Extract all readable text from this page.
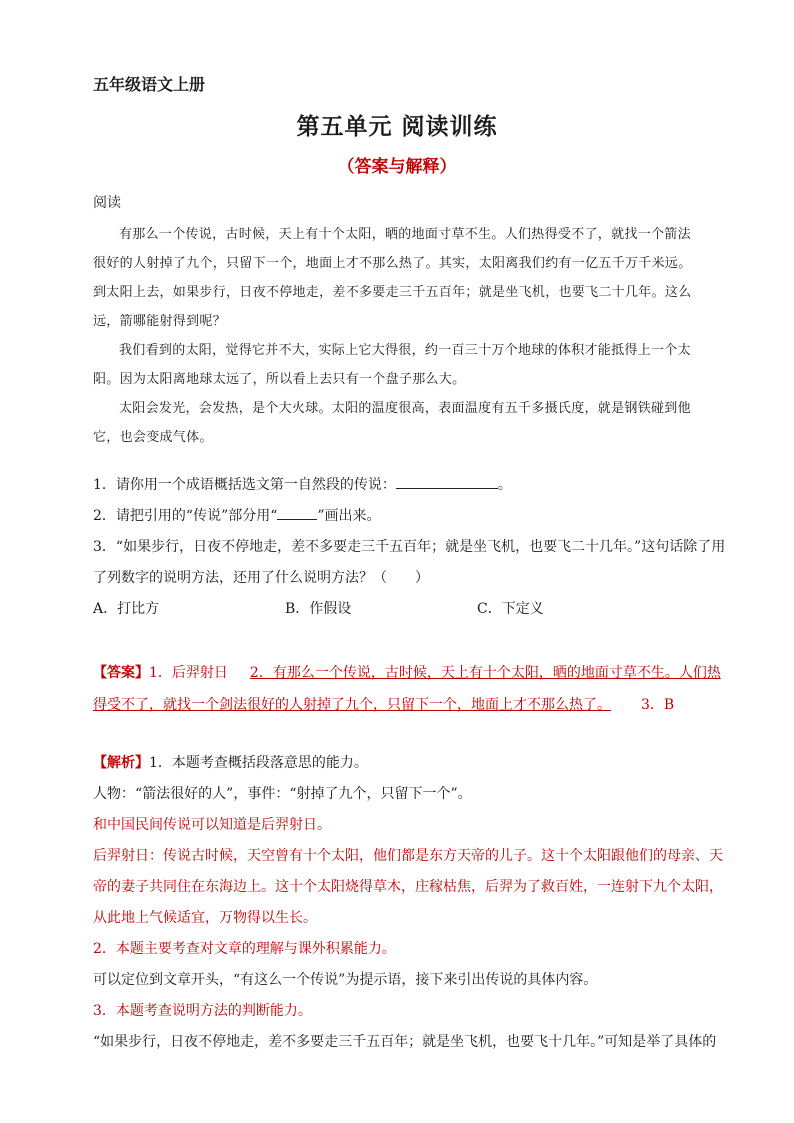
五年级语文上册
第五单元 阅读训练
（答案与解释）
阅读
有那么一个传说，古时候，天上有十个太阳，晒的地面寸草不生。人们热得受不了，就找一个箭法
很好的人射掉了九个，只留下一个，地面上才不那么热了。其实，太阳离我们约有一亿五千万千米远。
到太阳上去，如果步行，日夜不停地走，差不多要走三千五百年；就是坐飞机，也要飞二十几年。这么
远，箭哪能射得到呢？
我们看到的太阳，觉得它并不大，实际上它大得很，约一百三十万个地球的体积才能抵得上一个太
阳。因为太阳离地球太远了，所以看上去只有一个盘子那么大。
太阳会发光，会发热，是个大火球。太阳的温度很高，表面温度有五千多摄氏度，就是钢铁碰到他
它，也会变成气体。
1．请你用一个成语概括选文第一自然段的传说：	。
2．请把引用的“传说”部分用“	”画出来。
3．“如果步行，日夜不停地走，差不多要走三千五百年；就是坐飞机，也要飞二十几年。”这句话除了用
了列数字的说明方法，还用了什么说明方法？（　　）
A．打比方	B．作假设	C．下定义
【答案】1．后羿射日 2．有那么一个传说，古时候，天上有十个太阳，晒的地面寸草不生。人们热
得受不了，就找一个剑法很好的人射掉了九个，只留下一个，地面上才不那么热了。 3．B
【解析】1．本题考查概括段落意思的能力。
人物：“箭法很好的人”，事件：“射掉了九个，只留下一个”。
和中国民间传说可以知道是后羿射日。
后羿射日：传说古时候，天空曾有十个太阳，他们都是东方天帝的儿子。这十个太阳跟他们的母亲、天
帝的妻子共同住在东海边上。这十个太阳烧得草木，庄稼枯焦，后羿为了救百姓，一连射下九个太阳，
从此地上气候适宜，万物得以生长。
2．本题主要考查对文章的理解与课外积累能力。
可以定位到文章开头，“有这么一个传说”为提示语，接下来引出传说的具体内容。
3．本题考查说明方法的判断能力。
“如果步行，日夜不停地走，差不多要走三千五百年；就是坐飞机，也要飞十几年。”可知是举了具体的
